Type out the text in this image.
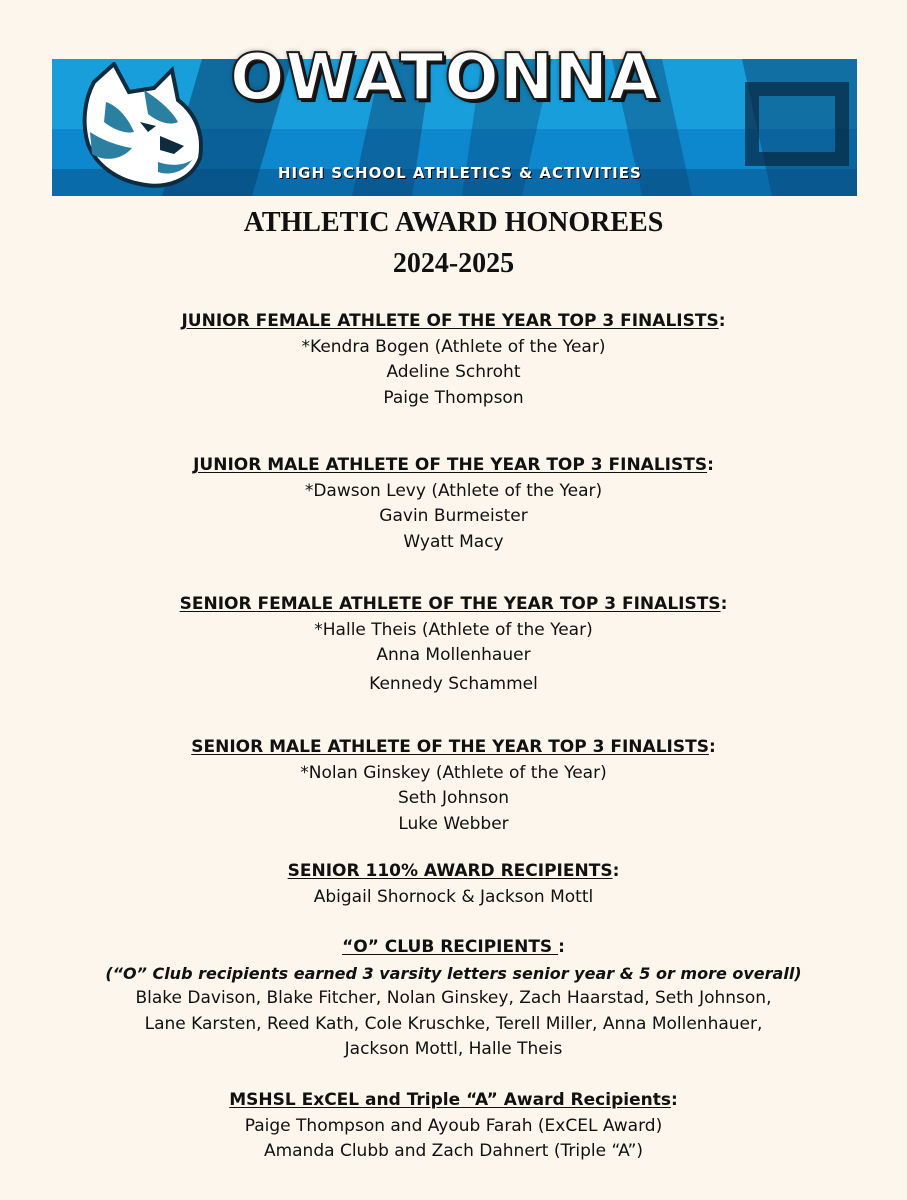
OWATONNA
HIGH SCHOOL ATHLETICS & ACTIVITIES
ATHLETIC AWARD HONOREES
2024-2025
JUNIOR FEMALE ATHLETE OF THE YEAR TOP 3 FINALISTS:
*Kendra Bogen (Athlete of the Year)
Adeline Schroht
Paige Thompson
JUNIOR MALE ATHLETE OF THE YEAR TOP 3 FINALISTS:
*Dawson Levy (Athlete of the Year)
Gavin Burmeister
Wyatt Macy
SENIOR FEMALE ATHLETE OF THE YEAR TOP 3 FINALISTS:
*Halle Theis (Athlete of the Year)
Anna Mollenhauer
Kennedy Schammel
SENIOR MALE ATHLETE OF THE YEAR TOP 3 FINALISTS:
*Nolan Ginskey (Athlete of the Year)
Seth Johnson
Luke Webber
SENIOR 110% AWARD RECIPIENTS:
Abigail Shornock & Jackson Mottl
“O” CLUB RECIPIENTS :
(“O” Club recipients earned 3 varsity letters senior year & 5 or more overall)
Blake Davison, Blake Fitcher, Nolan Ginskey, Zach Haarstad, Seth Johnson,
Lane Karsten, Reed Kath, Cole Kruschke, Terell Miller, Anna Mollenhauer,
Jackson Mottl, Halle Theis
MSHSL ExCEL and Triple “A” Award Recipients:
Paige Thompson and Ayoub Farah (ExCEL Award)
Amanda Clubb and Zach Dahnert (Triple “A”)
